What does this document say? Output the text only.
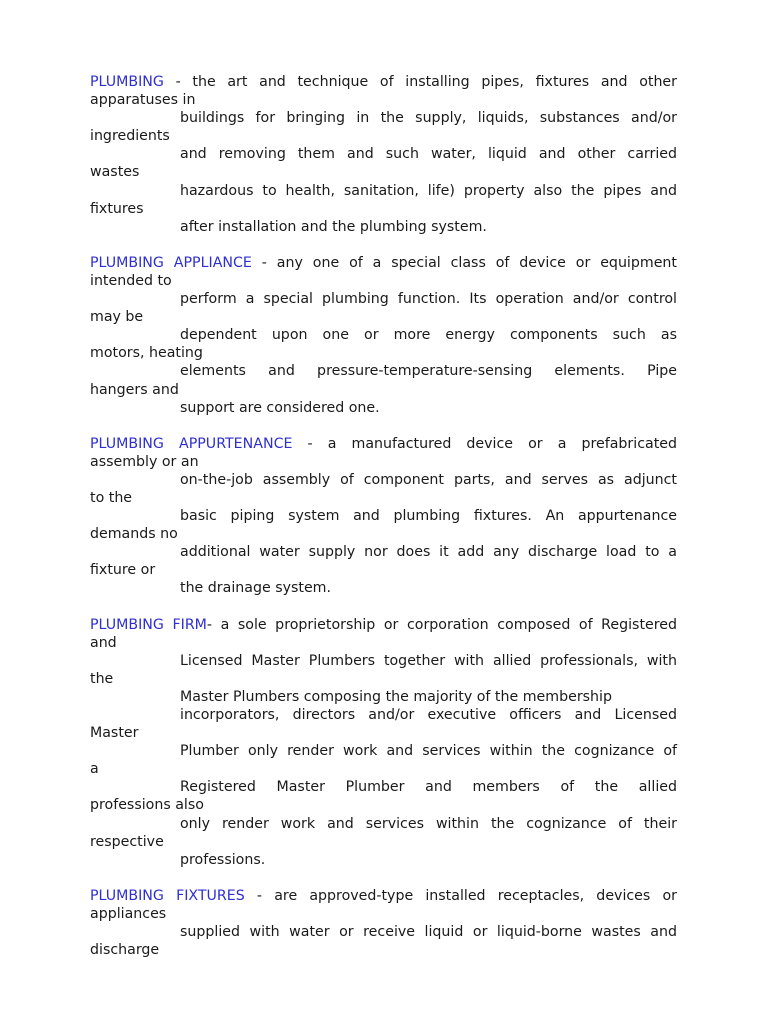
PLUMBING - the art and technique of installing pipes, fixtures and other
apparatuses in
buildings for bringing in the supply, liquids, substances and/or
ingredients
and removing them and such water, liquid and other carried
wastes
hazardous to health, sanitation, life) property also the pipes and
fixtures
after installation and the plumbing system.
PLUMBING APPLIANCE - any one of a special class of device or equipment
intended to
perform a special plumbing function. Its operation and/or control
may be
dependent upon one or more energy components such as
motors, heating
elements and pressure-temperature-sensing elements. Pipe
hangers and
support are considered one.
PLUMBING APPURTENANCE - a manufactured device or a prefabricated
assembly or an
on-the-job assembly of component parts, and serves as adjunct
to the
basic piping system and plumbing fixtures. An appurtenance
demands no
additional water supply nor does it add any discharge load to a
fixture or
the drainage system.
PLUMBING FIRM- a sole proprietorship or corporation composed of Registered
and
Licensed Master Plumbers together with allied professionals, with
the
Master Plumbers composing the majority of the membership
incorporators, directors and/or executive officers and Licensed
Master
Plumber only render work and services within the cognizance of
a
Registered Master Plumber and members of the allied
professions also
only render work and services within the cognizance of their
respective
professions.
PLUMBING FIXTURES - are approved-type installed receptacles, devices or
appliances
supplied with water or receive liquid or liquid-borne wastes and
discharge
